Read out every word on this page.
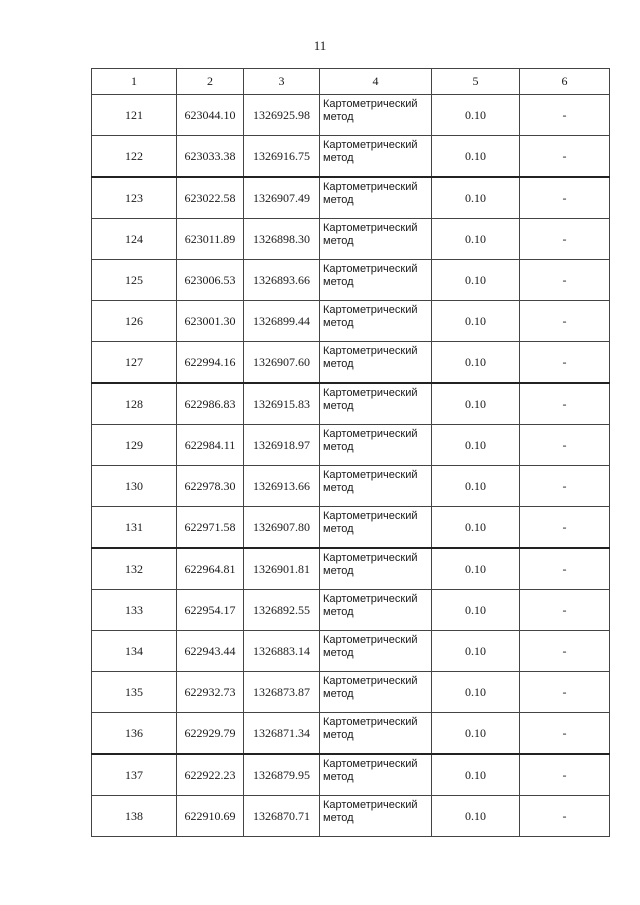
11
1	2	3	4	5	6
121	623044.10	1326925.98	Картометрический метод	0.10	-
122	623033.38	1326916.75	Картометрический метод	0.10	-
123	623022.58	1326907.49	Картометрический метод	0.10	-
124	623011.89	1326898.30	Картометрический метод	0.10	-
125	623006.53	1326893.66	Картометрический метод	0.10	-
126	623001.30	1326899.44	Картометрический метод	0.10	-
127	622994.16	1326907.60	Картометрический метод	0.10	-
128	622986.83	1326915.83	Картометрический метод	0.10	-
129	622984.11	1326918.97	Картометрический метод	0.10	-
130	622978.30	1326913.66	Картометрический метод	0.10	-
131	622971.58	1326907.80	Картометрический метод	0.10	-
132	622964.81	1326901.81	Картометрический метод	0.10	-
133	622954.17	1326892.55	Картометрический метод	0.10	-
134	622943.44	1326883.14	Картометрический метод	0.10	-
135	622932.73	1326873.87	Картометрический метод	0.10	-
136	622929.79	1326871.34	Картометрический метод	0.10	-
137	622922.23	1326879.95	Картометрический метод	0.10	-
138	622910.69	1326870.71	Картометрический метод	0.10	-
